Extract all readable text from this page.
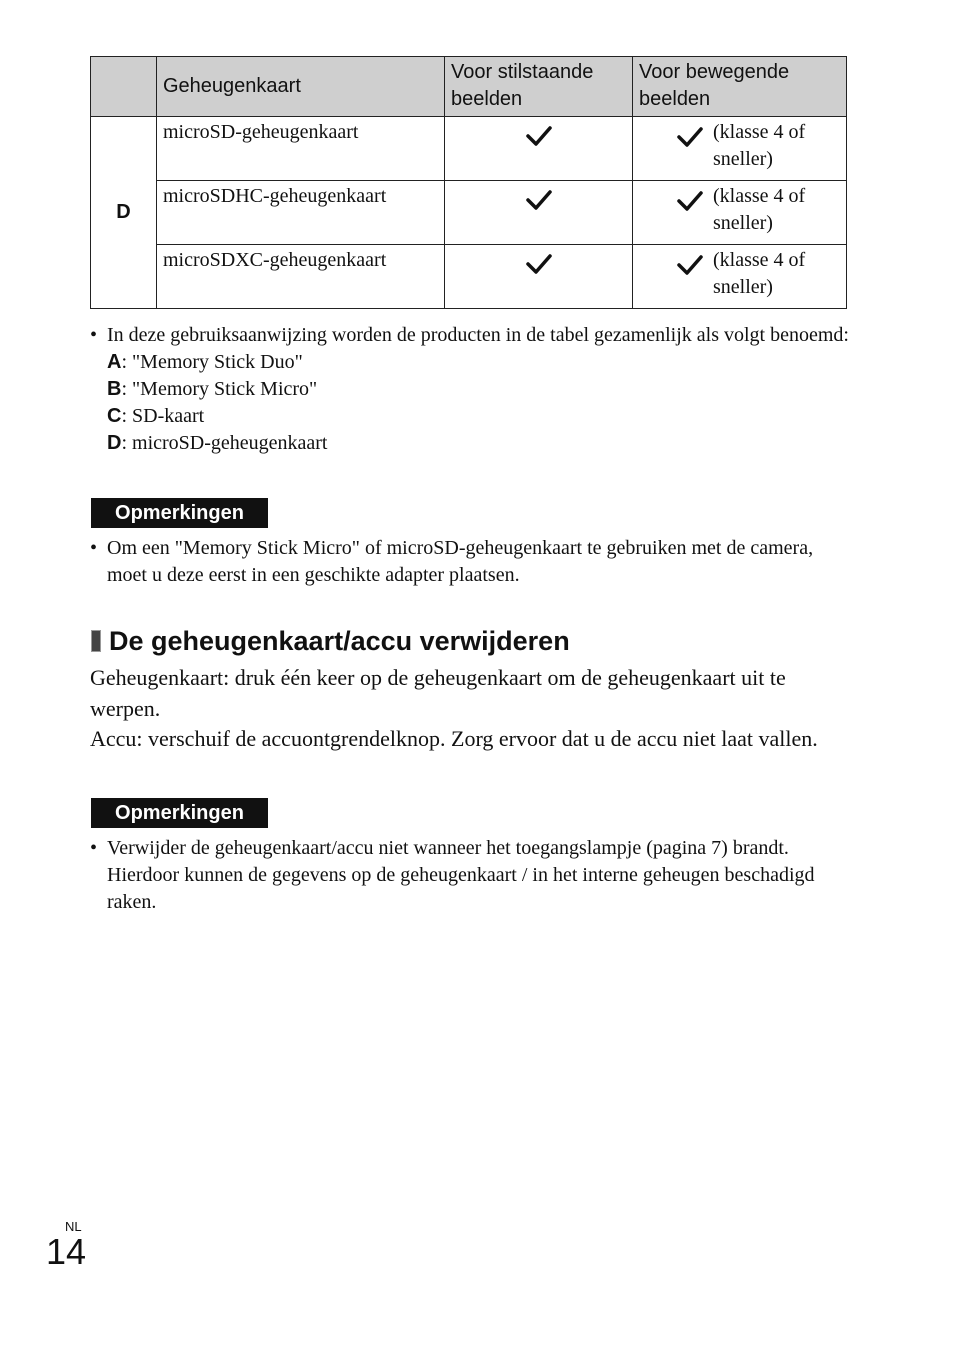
	Geheugenkaart	Voor stilstaande beelden	Voor bewegende beelden
D	microSD-geheugenkaart		(klasse 4 of sneller)

	microSDHC-geheugenkaart		(klasse 4 of sneller)

	microSDXC-geheugenkaart		(klasse 4 of sneller)
• In deze gebruiksaanwijzing worden de producten in de tabel gezamenlijk als volgt benoemd:
A: "Memory Stick Duo"
B: "Memory Stick Micro"
C: SD-kaart
D: microSD-geheugenkaart
Opmerkingen
• Om een "Memory Stick Micro" of microSD-geheugenkaart te gebruiken met de camera, moet u deze eerst in een geschikte adapter plaatsen.
De geheugenkaart/accu verwijderen
Geheugenkaart: druk één keer op de geheugenkaart om de geheugenkaart uit te werpen.
Accu: verschuif de accuontgrendelknop. Zorg ervoor dat u de accu niet laat vallen.
Opmerkingen
• Verwijder de geheugenkaart/accu niet wanneer het toegangslampje (pagina 7) brandt. Hierdoor kunnen de gegevens op de geheugenkaart / in het interne geheugen beschadigd raken.
NL
14
